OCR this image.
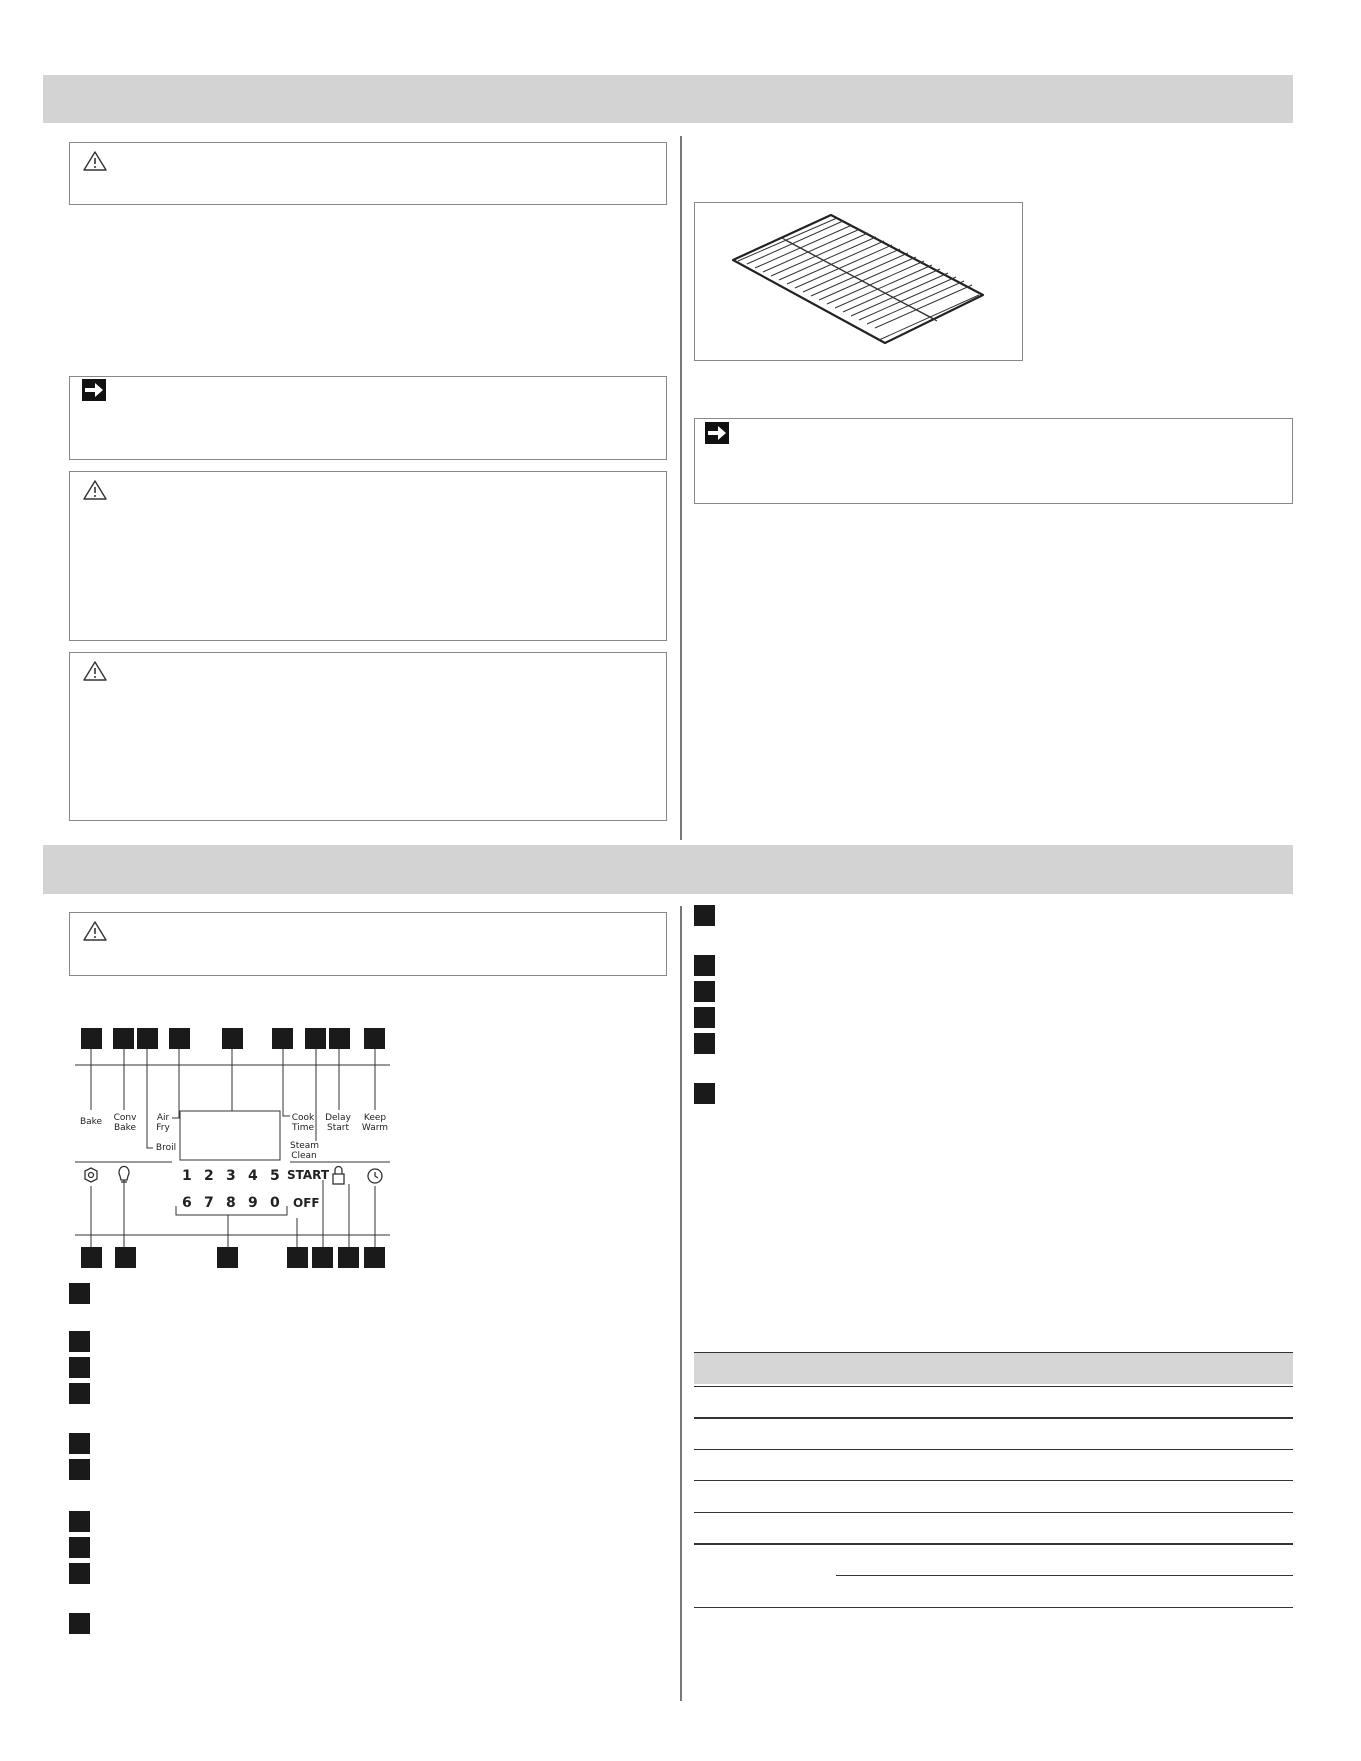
Bake Conv
Bake
Broil
Air
Fry
Cook
Time
Steam
Clean
Delay
Start
Keep
Warm
1 2 3 4 5
6 7 8 9 0
START
OFF
